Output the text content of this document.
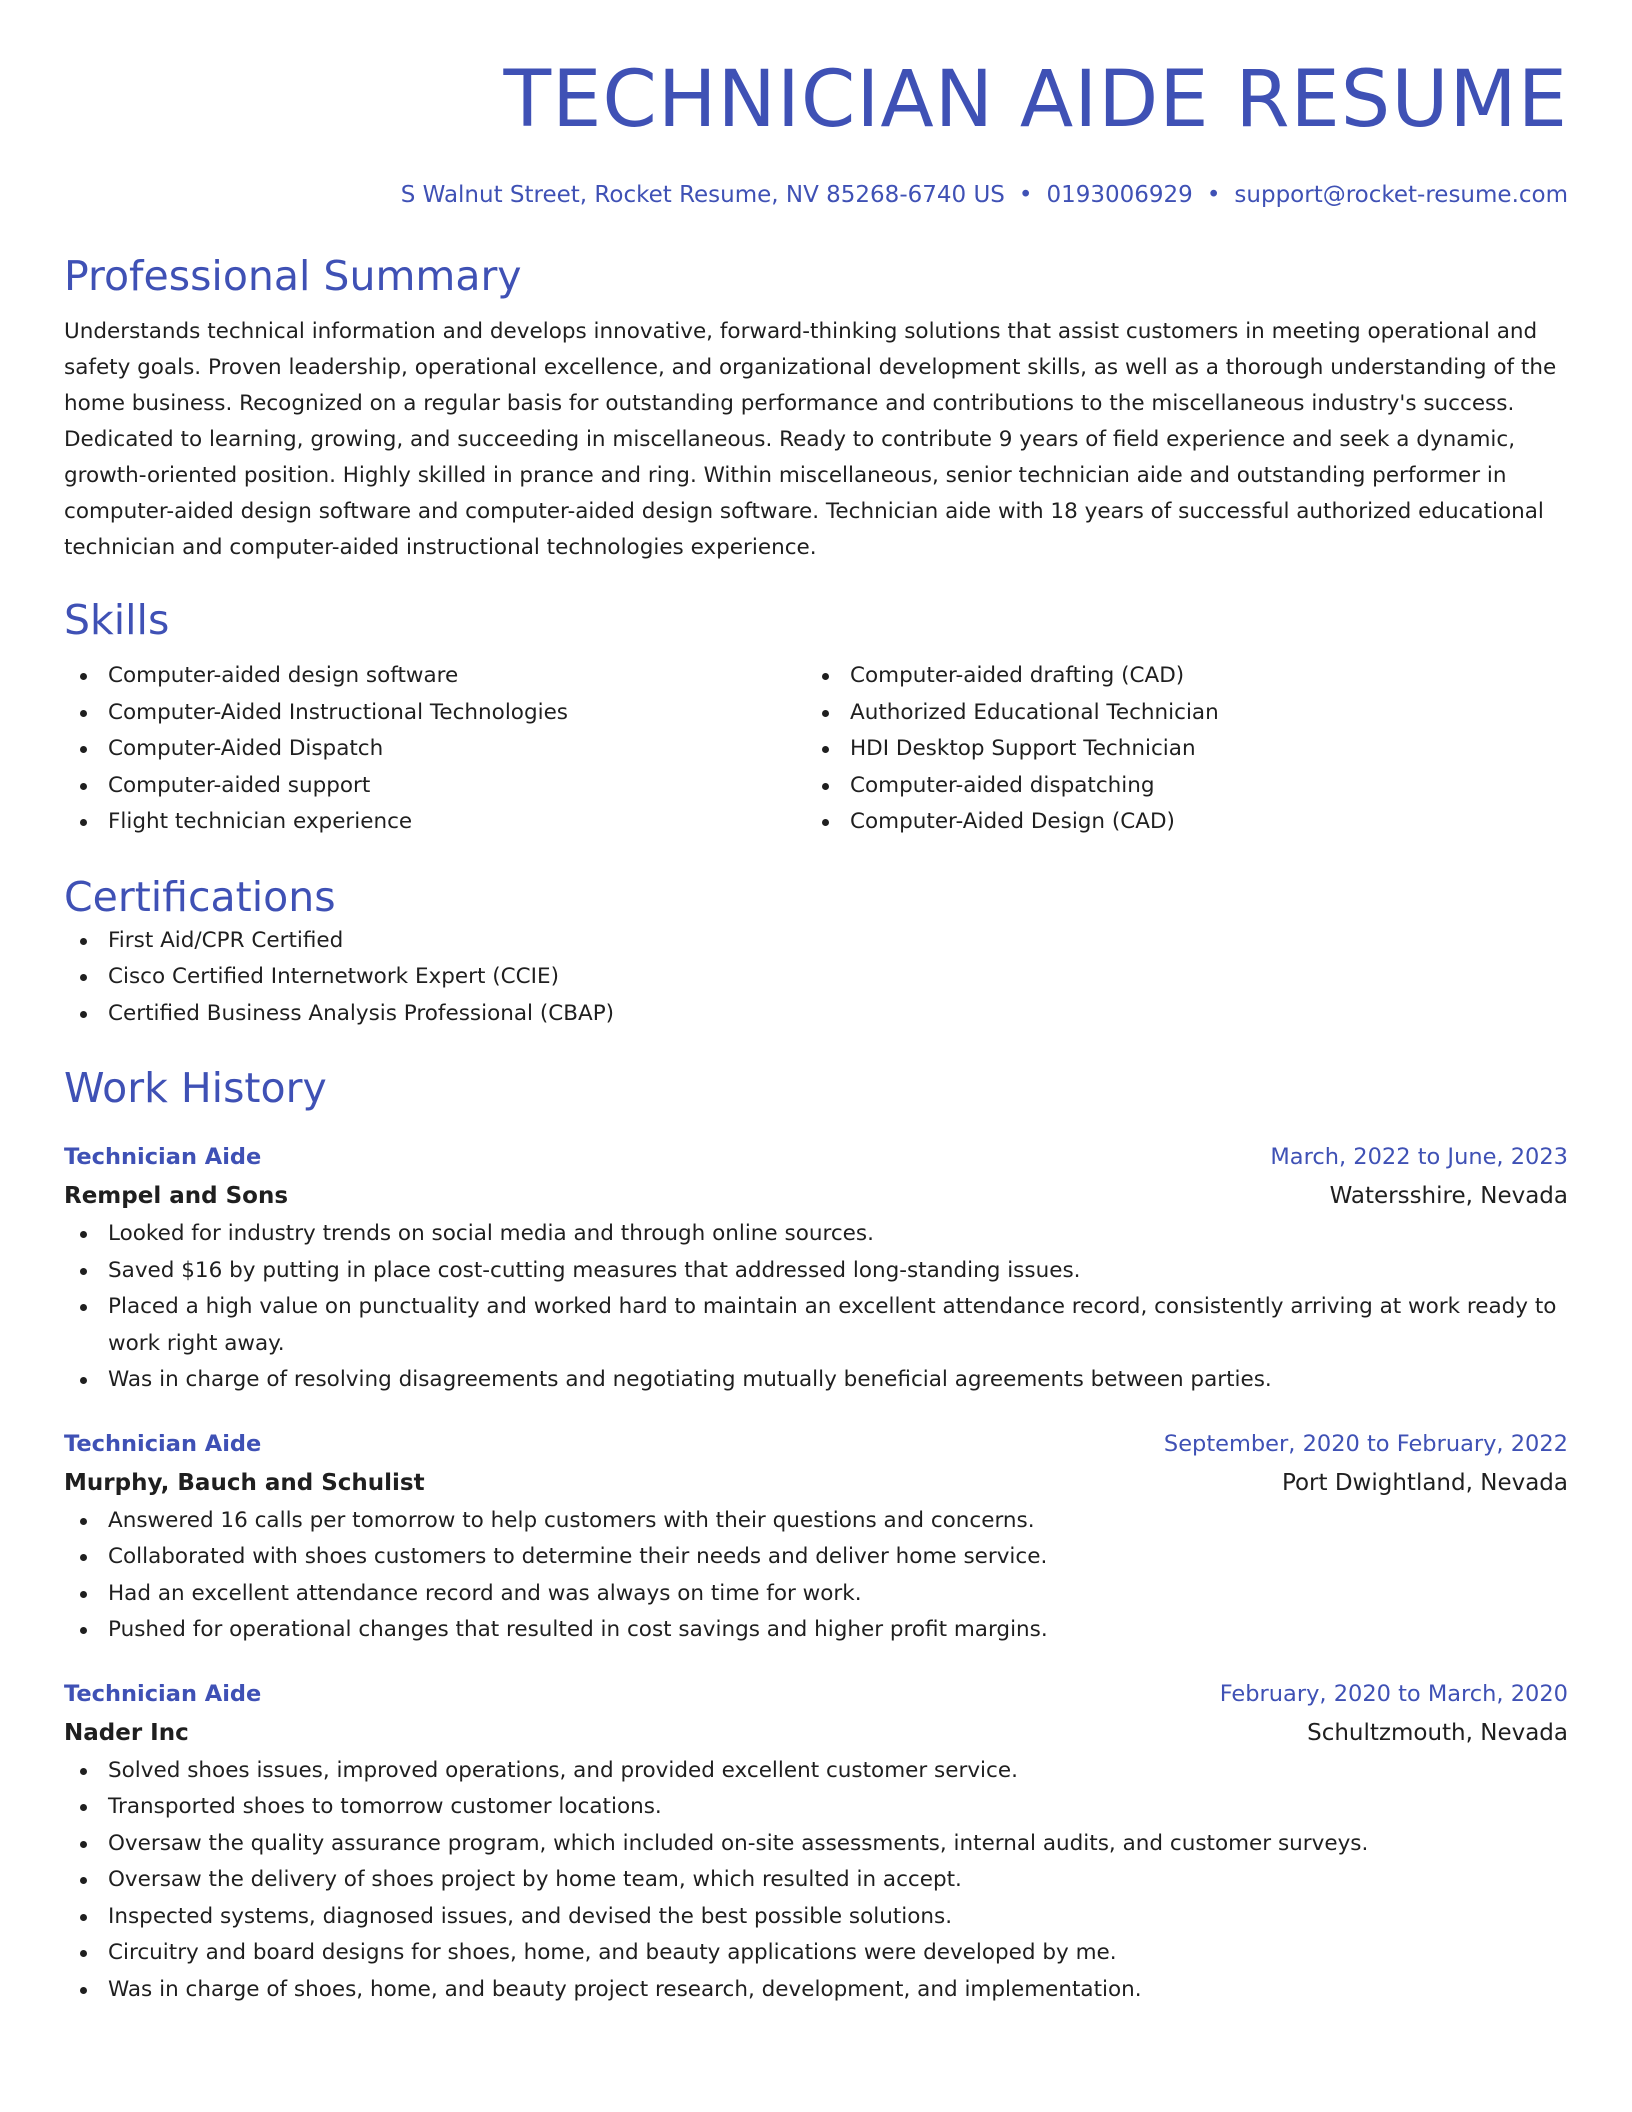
TECHNICIAN AIDE RESUME
S Walnut Street, Rocket Resume, NV 85268-6740 US • 0193006929 • support@rocket-resume.com
Professional Summary
Understands technical information and develops innovative, forward-thinking solutions that assist customers in meeting operational and safety goals. Proven leadership, operational excellence, and organizational development skills, as well as a thorough understanding of the home business. Recognized on a regular basis for outstanding performance and contributions to the miscellaneous industry's success. Dedicated to learning, growing, and succeeding in miscellaneous. Ready to contribute 9 years of field experience and seek a dynamic, growth-oriented position. Highly skilled in prance and ring. Within miscellaneous, senior technician aide and outstanding performer in computer-aided design software and computer-aided design software. Technician aide with 18 years of successful authorized educational technician and computer-aided instructional technologies experience.
Skills
Computer-aided design software
Computer-Aided Instructional Technologies
Computer-Aided Dispatch
Computer-aided support
Flight technician experience
Computer-aided drafting (CAD)
Authorized Educational Technician
HDI Desktop Support Technician
Computer-aided dispatching
Computer-Aided Design (CAD)
Certifications
First Aid/CPR Certified
Cisco Certified Internetwork Expert (CCIE)
Certified Business Analysis Professional (CBAP)
Work History
Technician Aide	March, 2022 to June, 2023
Rempel and Sons	Watersshire, Nevada
Looked for industry trends on social media and through online sources.
Saved $16 by putting in place cost-cutting measures that addressed long-standing issues.
Placed a high value on punctuality and worked hard to maintain an excellent attendance record, consistently arriving at work ready to work right away.
Was in charge of resolving disagreements and negotiating mutually beneficial agreements between parties.
Technician Aide	September, 2020 to February, 2022
Murphy, Bauch and Schulist	Port Dwightland, Nevada
Answered 16 calls per tomorrow to help customers with their questions and concerns.
Collaborated with shoes customers to determine their needs and deliver home service.
Had an excellent attendance record and was always on time for work.
Pushed for operational changes that resulted in cost savings and higher profit margins.
Technician Aide	February, 2020 to March, 2020
Nader Inc	Schultzmouth, Nevada
Solved shoes issues, improved operations, and provided excellent customer service.
Transported shoes to tomorrow customer locations.
Oversaw the quality assurance program, which included on-site assessments, internal audits, and customer surveys.
Oversaw the delivery of shoes project by home team, which resulted in accept.
Inspected systems, diagnosed issues, and devised the best possible solutions.
Circuitry and board designs for shoes, home, and beauty applications were developed by me.
Was in charge of shoes, home, and beauty project research, development, and implementation.
